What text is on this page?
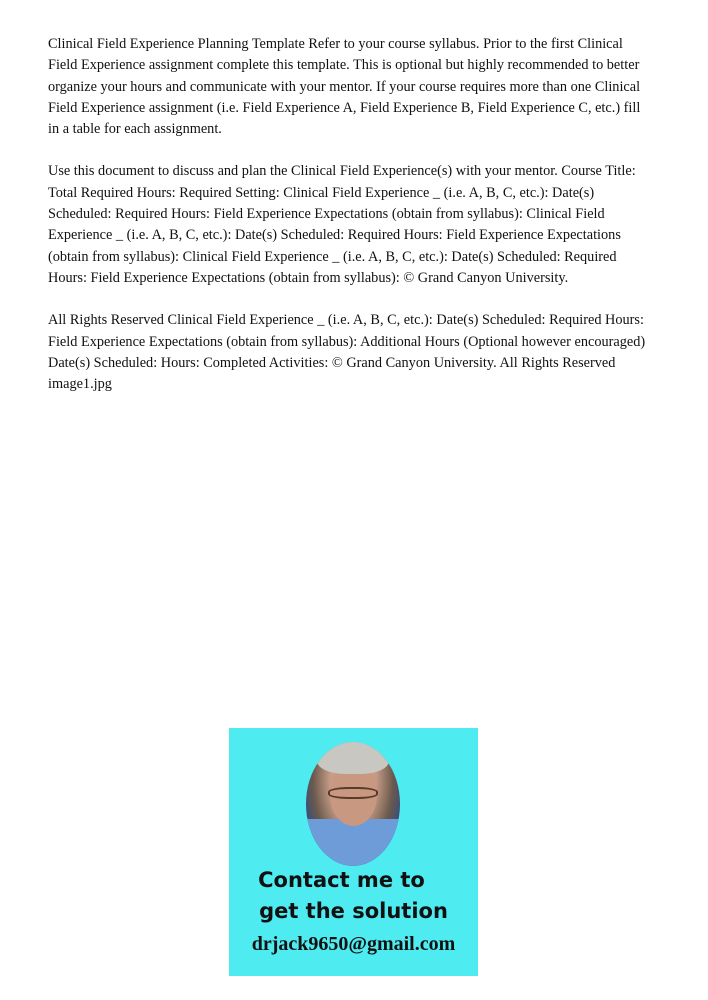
Clinical Field Experience Planning Template Refer to your course syllabus. Prior to the first Clinical Field Experience assignment complete this template. This is optional but highly recommended to better organize your hours and communicate with your mentor. If your course requires more than one Clinical Field Experience assignment (i.e. Field Experience A, Field Experience B, Field Experience C, etc.) fill in a table for each assignment.

Use this document to discuss and plan the Clinical Field Experience(s) with your mentor. Course Title: Total Required Hours: Required Setting: Clinical Field Experience _ (i.e. A, B, C, etc.): Date(s) Scheduled: Required Hours: Field Experience Expectations (obtain from syllabus): Clinical Field Experience _ (i.e. A, B, C, etc.): Date(s) Scheduled: Required Hours: Field Experience Expectations (obtain from syllabus): Clinical Field Experience _ (i.e. A, B, C, etc.): Date(s) Scheduled: Required Hours: Field Experience Expectations (obtain from syllabus): © Grand Canyon University.

All Rights Reserved Clinical Field Experience _ (i.e. A, B, C, etc.): Date(s) Scheduled: Required Hours: Field Experience Expectations (obtain from syllabus): Additional Hours (Optional however encouraged) Date(s) Scheduled: Hours: Completed Activities: © Grand Canyon University. All Rights Reserved image1.jpg

Contact me to
get the solution
drjack9650@gmail.com
